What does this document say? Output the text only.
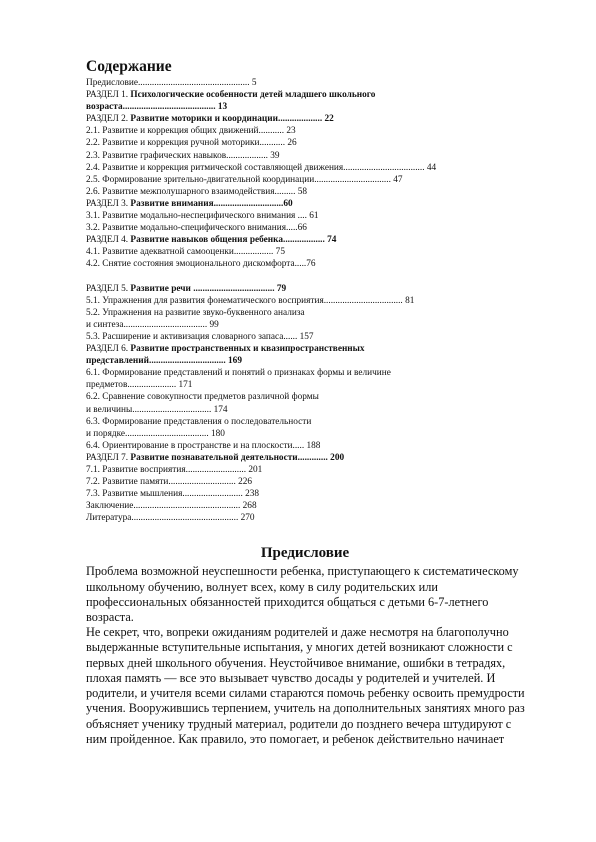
Содержание
Предисловие................................................ 5
РАЗДЕЛ 1. Психологические особенности детей младшего школьного
возраста........................................ 13
РАЗДЕЛ 2. Развитие моторики и координации................... 22
2.1. Развитие и коррекция общих движений........... 23
2.2. Развитие и коррекция ручной моторики........... 26
2.3. Развитие графических навыков.................. 39
2.4. Развитие и коррекция ритмической составляющей движения................................... 44
2.5. Формирование зрительно-двигательной координации................................. 47
2.6. Развитие межполушарного взаимодействия......... 58
РАЗДЕЛ 3. Развитие внимания..............................60
3.1. Развитие модально-неспецифического внимания .... 61
3.2. Развитие модально-специфического внимания.....66
РАЗДЕЛ 4. Развитие навыков общения ребенка.................. 74
4.1. Развитие адекватной самооценки................. 75
4.2. Снятие состояния эмоционального дискомфорта.....76
РАЗДЕЛ 5. Развитие речи ................................... 79
5.1. Упражнения для развития фонематического восприятия.................................. 81
5.2. Упражнения на развитие звуко-буквенного анализа
и синтеза.................................... 99
5.3. Расширение и активизация словарного запаса...... 157
РАЗДЕЛ 6. Развитие пространственных и квазипространственных
представлений................................. 169
6.1. Формирование представлений и понятий о признаках формы и величине
предметов..................... 171
6.2. Сравнение совокупности предметов различной формы
и величины.................................. 174
6.3. Формирование представления о последовательности
и порядке.................................... 180
6.4. Ориентирование в пространстве и на плоскости..... 188
РАЗДЕЛ 7. Развитие познавательной деятельности............. 200
7.1. Развитие восприятия.......................... 201
7.2. Развитие памяти............................. 226
7.3. Развитие мышления.......................... 238
Заключение.............................................. 268
Литература.............................................. 270
Предисловие

Проблема возможной неуспешности ребенка, приступающего к систематическому

школьному обучению, волнует всех, кому в силу родительских или

профессиональных обязанностей приходится общаться с детьми 6-7-летнего

возраста.

Не секрет, что, вопреки ожиданиям родителей и даже несмотря на благополучно

выдержанные вступительные испытания, у многих детей возникают сложности с

первых дней школьного обучения. Неустойчивое внимание, ошибки в тетрадях,

плохая память — все это вызывает чувство досады у родителей и учителей. И

родители, и учителя всеми силами стараются помочь ребенку освоить премудрости

учения. Вооружившись терпением, учитель на дополнительных занятиях много раз

объясняет ученику трудный материал, родители до позднего вечера штудируют с

ним пройденное. Как правило, это помогает, и ребенок действительно начинает
